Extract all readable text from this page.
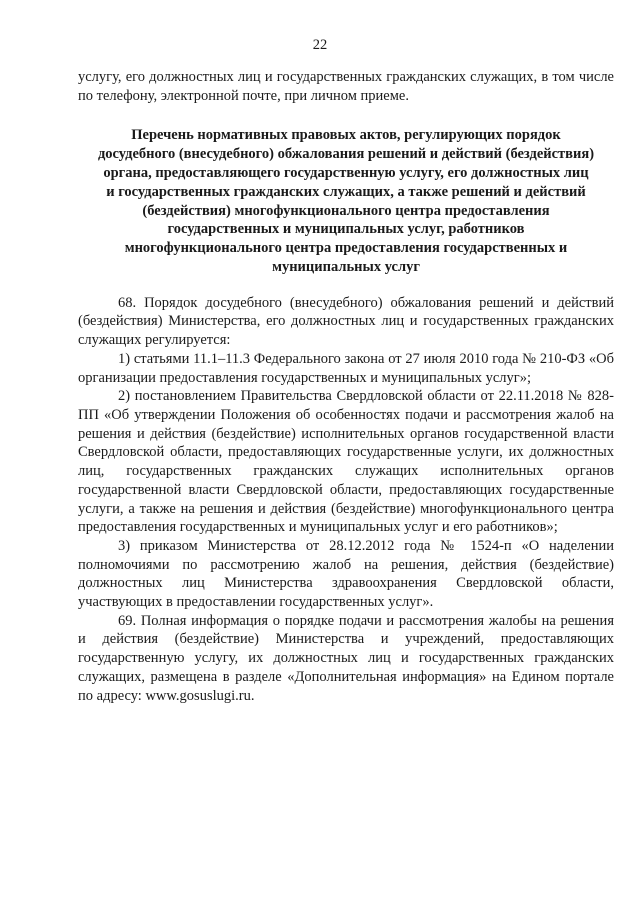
22

услугу, его должностных лиц и государственных гражданских служащих, в том числе по телефону, электронной почте, при личном приеме.

Перечень нормативных правовых актов, регулирующих порядок
досудебного (внесудебного) обжалования решений и действий (бездействия)
органа, предоставляющего государственную услугу, его должностных лиц
и государственных гражданских служащих, а также решений и действий
(бездействия) многофункционального центра предоставления
государственных и муниципальных услуг, работников
многофункционального центра предоставления государственных и
муниципальных услуг

68. Порядок досудебного (внесудебного) обжалования решений и действий (бездействия) Министерства, его должностных лиц и государственных гражданских служащих регулируется:

1) статьями 11.1–11.3 Федерального закона от 27 июля 2010 года № 210-ФЗ «Об организации предоставления государственных и муниципальных услуг»;

2) постановлением Правительства Свердловской области от 22.11.2018 № 828-ПП «Об утверждении Положения об особенностях подачи и рассмотрения жалоб на решения и действия (бездействие) исполнительных органов государственной власти Свердловской области, предоставляющих государственные услуги, их должностных лиц, государственных гражданских служащих исполнительных органов государственной власти Свердловской области, предоставляющих государственные услуги, а также на решения и действия (бездействие) многофункционального центра предоставления государственных и муниципальных услуг и его работников»;

3) приказом Министерства от 28.12.2012 года № 1524-п «О наделении полномочиями по рассмотрению жалоб на решения, действия (бездействие) должностных лиц Министерства здравоохранения Свердловской области, участвующих в предоставлении государственных услуг».

69. Полная информация о порядке подачи и рассмотрения жалобы на решения и действия (бездействие) Министерства и учреждений, предоставляющих государственную услугу, их должностных лиц и государственных гражданских служащих, размещена в разделе «Дополнительная информация» на Едином портале по адресу: www.gosuslugi.ru.
